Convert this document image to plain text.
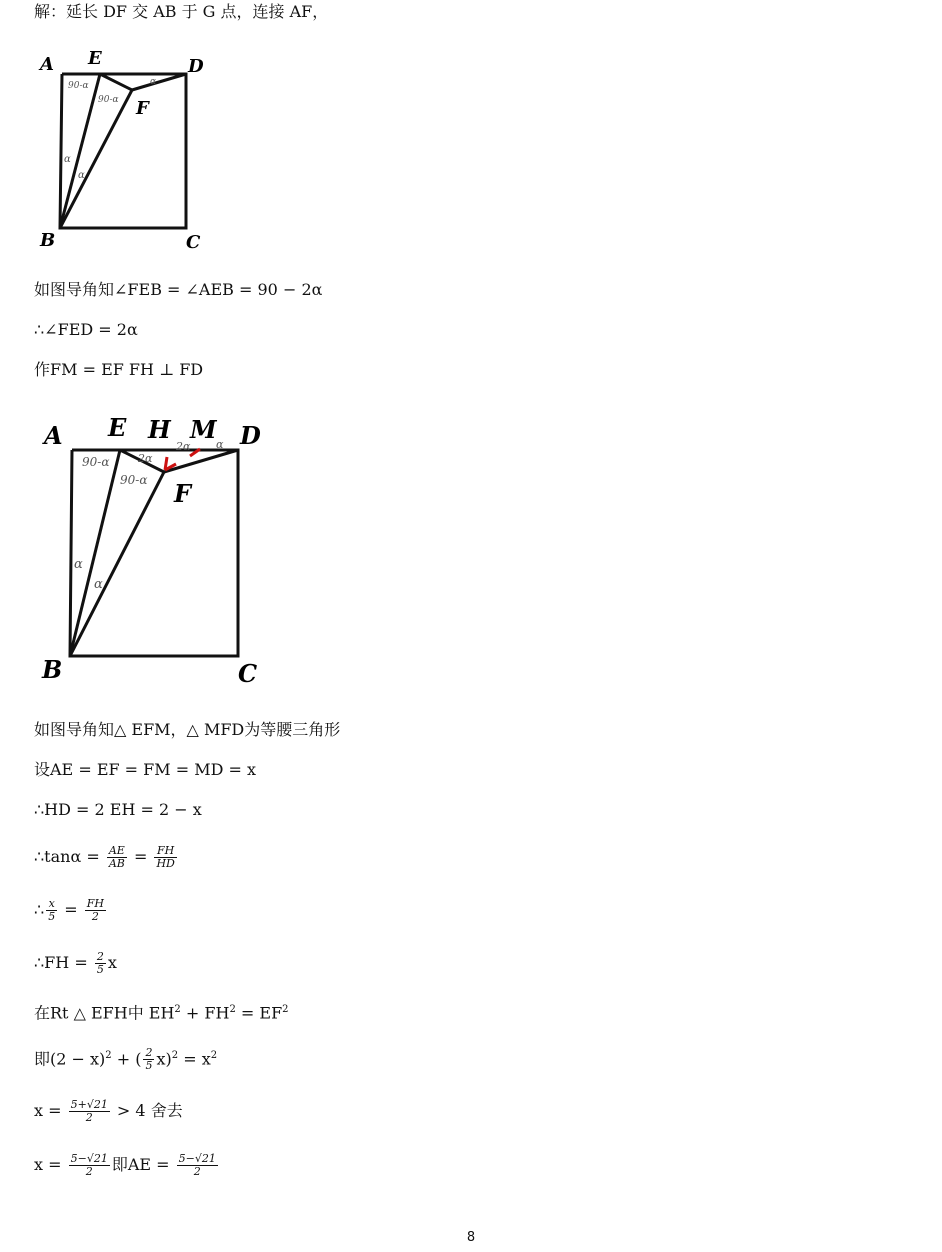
解：延长 DF 交 AB 于 G 点，连接 AF，
A E	D
F
B	C
90-α
90-α
α
α
α
如图导角知∠FEB = ∠AEB = 90 − 2α
∴∠FED = 2α
作FM = EF FH ⊥ FD
A E H M D
F
B	C
90-α
90-α
2α
2α α
α
α
如图导角知△ EFM，△ MFD为等腰三角形
设AE = EF = FM = MD = x
∴HD = 2 EH = 2 − x
∴tanα = $\frac{AE}{AB} = \frac{FH}{HD}$
∴ $\frac{x}{5} = \frac{FH}{2}$
∴FH = $\frac{2}{5}$ x
在Rt △ EFH中 $EH^2 + FH^2 = EF^2$
即$(2 - x)^2$ + ( $\frac{2}{5} x)^2 = x^2$
$x = \frac{5+√21}{2} > 4$ 舍去
$x = \frac{5-√21}{2}$ 即AE = $\frac{5-√21}{2}$
8
